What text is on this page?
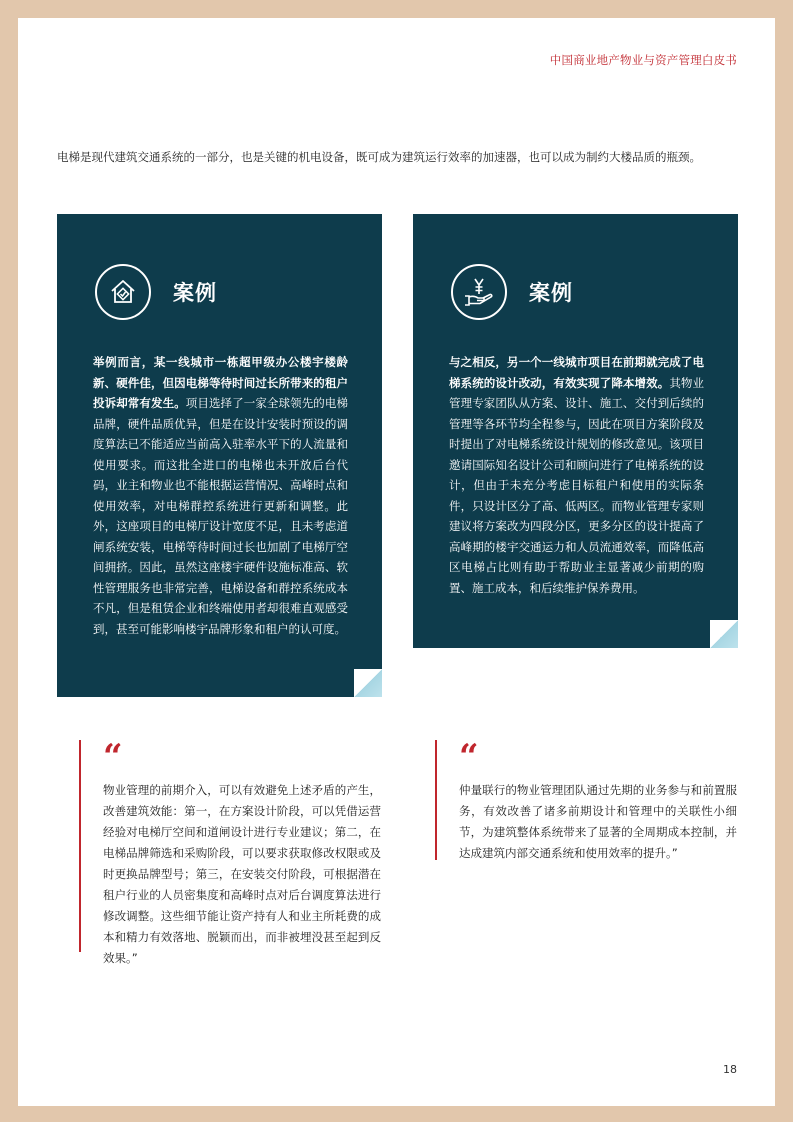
中国商业地产物业与资产管理白皮书
电梯是现代建筑交通系统的一部分，也是关键的机电设备，既可成为建筑运行效率的加速器，也可以成为制约大楼品质的瓶颈。
案例
举例而言，某一线城市一栋超甲级办公楼宇楼龄新、硬件佳，但因电梯等待时间过长所带来的租户投诉却常有发生。项目选择了一家全球领先的电梯品牌，硬件品质优异，但是在设计安装时预设的调度算法已不能适应当前高入驻率水平下的人流量和使用要求。而这批全进口的电梯也未开放后台代码，业主和物业也不能根据运营情况、高峰时点和使用效率，对电梯群控系统进行更新和调整。此外，这座项目的电梯厅设计宽度不足，且未考虑道闸系统安装，电梯等待时间过长也加剧了电梯厅空间拥挤。因此，虽然这座楼宇硬件设施标准高、软性管理服务也非常完善，电梯设备和群控系统成本不凡，但是租赁企业和终端使用者却很难直观感受到，甚至可能影响楼宇品牌形象和租户的认可度。
案例
与之相反，另一个一线城市项目在前期就完成了电梯系统的设计改动，有效实现了降本增效。其物业管理专家团队从方案、设计、施工、交付到后续的管理等各环节均全程参与，因此在项目方案阶段及时提出了对电梯系统设计规划的修改意见。该项目邀请国际知名设计公司和顾问进行了电梯系统的设计，但由于未充分考虑目标租户和使用的实际条件，只设计区分了高、低两区。而物业管理专家则建议将方案改为四段分区，更多分区的设计提高了高峰期的楼宇交通运力和人员流通效率，而降低高区电梯占比则有助于帮助业主显著减少前期的购置、施工成本，和后续维护保养费用。
“
物业管理的前期介入，可以有效避免上述矛盾的产生，改善建筑效能：第一，在方案设计阶段，可以凭借运营经验对电梯厅空间和道闸设计进行专业建议；第二，在电梯品牌筛选和采购阶段，可以要求获取修改权限或及时更换品牌型号；第三，在安装交付阶段，可根据潜在租户行业的人员密集度和高峰时点对后台调度算法进行修改调整。这些细节能让资产持有人和业主所耗费的成本和精力有效落地、脱颖而出，而非被埋没甚至起到反效果。”
“
仲量联行的物业管理团队通过先期的业务参与和前置服务，有效改善了诸多前期设计和管理中的关联性小细节，为建筑整体系统带来了显著的全周期成本控制，并达成建筑内部交通系统和使用效率的提升。”
18
